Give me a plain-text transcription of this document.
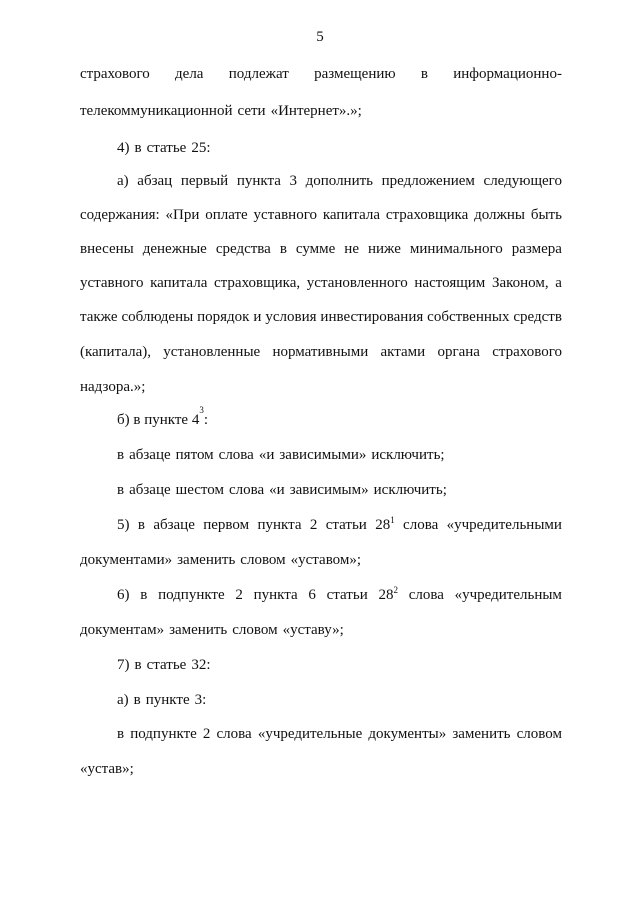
5
страхового дела подлежат размещению в информационно-
телекоммуникационной сети «Интернет».»;
4) в статье 25:
а) абзац первый пункта 3 дополнить предложением следующего
содержания: «При оплате уставного капитала страховщика должны быть
внесены денежные средства в сумме не ниже минимального размера
уставного капитала страховщика, установленного настоящим Законом, а
также соблюдены порядок и условия инвестирования собственных средств
(капитала), установленные нормативными актами органа страхового
надзора.»;
б) в пункте 4
3
:
в абзаце пятом слова «и зависимыми» исключить;
в абзаце шестом слова «и зависимым» исключить;
5) в абзаце первом пункта 2 статьи $28^1$ слова «учредительными
документами» заменить словом «уставом»;
6) в подпункте 2 пункта 6 статьи $28^2$ слова «учредительным
документам» заменить словом «уставу»;
7) в статье 32:
а) в пункте 3:
в подпункте 2 слова «учредительные документы» заменить словом
«устав»;
